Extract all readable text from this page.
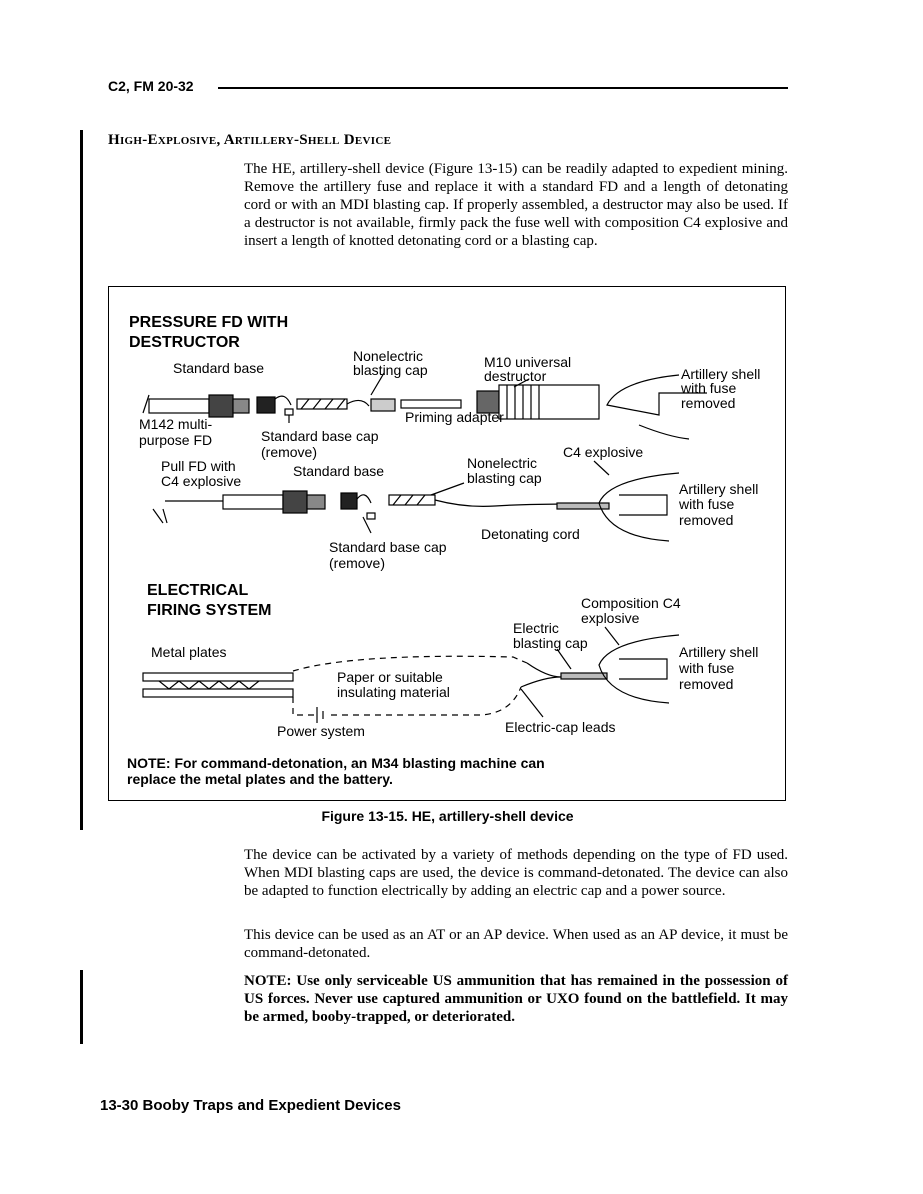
C2, FM 20-32
High-Explosive, Artillery-Shell Device
The HE, artillery-shell device (Figure 13-15) can be readily adapted to expedient mining. Remove the artillery fuse and replace it with a standard FD and a length of detonating cord or with an MDI blasting cap. If properly assembled, a destructor may also be used. If a destructor is not available, firmly pack the fuse well with composition C4 explosive and insert a length of knotted detonating cord or a blasting cap.
PRESSURE FD WITH
DESTRUCTOR
Standard base
Nonelectric
blasting cap	M10 universal
destructor	Artillery shell
with fuse
removed
M142 multi-
purpose FD	Standard base cap
(remove)
Priming adapter
Pull FD with
C4 explosive
Standard base	Nonelectric
blasting cap
C4 explosive
Artillery shell
with fuse
removed
Detonating cord
Standard base cap
(remove)
ELECTRICAL
FIRING SYSTEM	Composition C4
explosive
Electric
blasting cap
Metal plates
Paper or suitable
insulating material
Artillery shell
with fuse
removed
Power system	Electric-cap leads
NOTE: For command-detonation, an M34 blasting machine can replace the metal plates and the battery.
Figure 13-15. HE, artillery-shell device
The device can be activated by a variety of methods depending on the type of FD used. When MDI blasting caps are used, the device is command-detonated. The device can also be adapted to function electrically by adding an electric cap and a power source.
This device can be used as an AT or an AP device. When used as an AP device, it must be command-detonated.
NOTE: Use only serviceable US ammunition that has remained in the possession of US forces. Never use captured ammunition or UXO found on the battlefield. It may be armed, booby-trapped, or deteriorated.
13-30 Booby Traps and Expedient Devices
